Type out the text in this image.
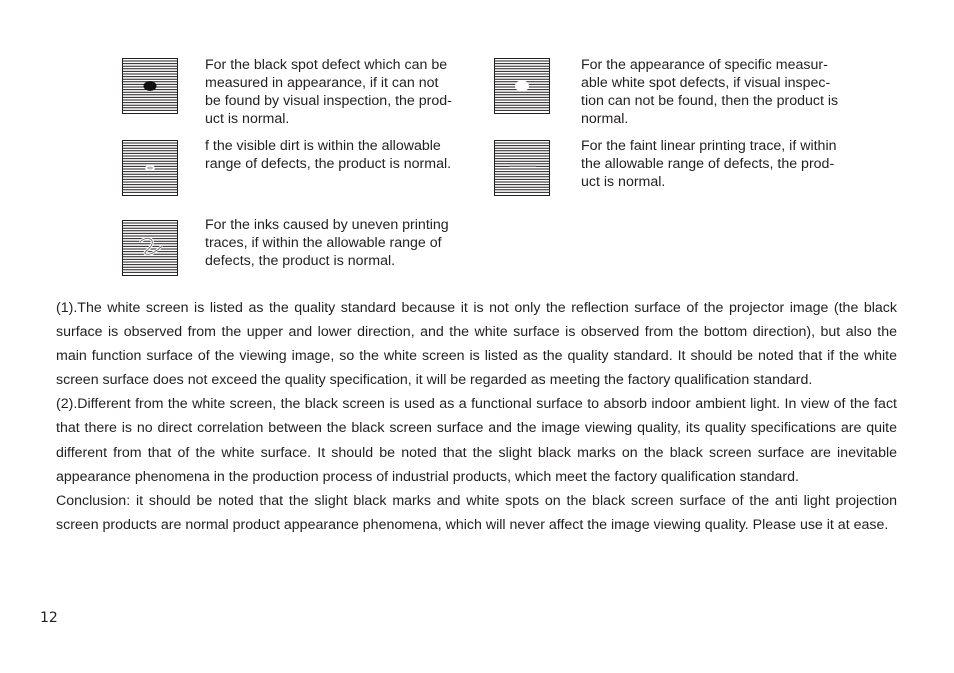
For the black spot defect which can be
measured in appearance, if it can not
be found by visual inspection, the prod-
uct is normal.
For the appearance of specific measur-
able white spot defects, if visual inspec-
tion can not be found, then the product is
normal.
f the visible dirt is within the allowable
range of defects, the product is normal.
For the faint linear printing trace, if within
the allowable range of defects, the prod-
uct is normal.
For the inks caused by uneven printing
traces, if within the allowable range of
defects, the product is normal.

(1).The white screen is listed as the quality standard because it is not only the reflection surface of the projector image (the black surface is observed from the upper and lower direction, and the white surface is observed from the bottom direction), but also the main function surface of the viewing image, so the white screen is listed as the quality standard. It should be noted that if the white screen surface does not exceed the quality specification, it will be regarded as meeting the factory qualification standard.

(2).Different from the white screen, the black screen is used as a functional surface to absorb indoor ambient light. In view of the fact that there is no direct correlation between the black screen surface and the image viewing quality, its quality specifications are quite different from that of the white surface. It should be noted that the slight black marks on the black screen surface are inevitable appearance phenomena in the production process of industrial products, which meet the factory qualification standard.

Conclusion: it should be noted that the slight black marks and white spots on the black screen surface of the anti light projection screen products are normal product appearance phenomena, which will never affect the image viewing quality. Please use it at ease.

12
